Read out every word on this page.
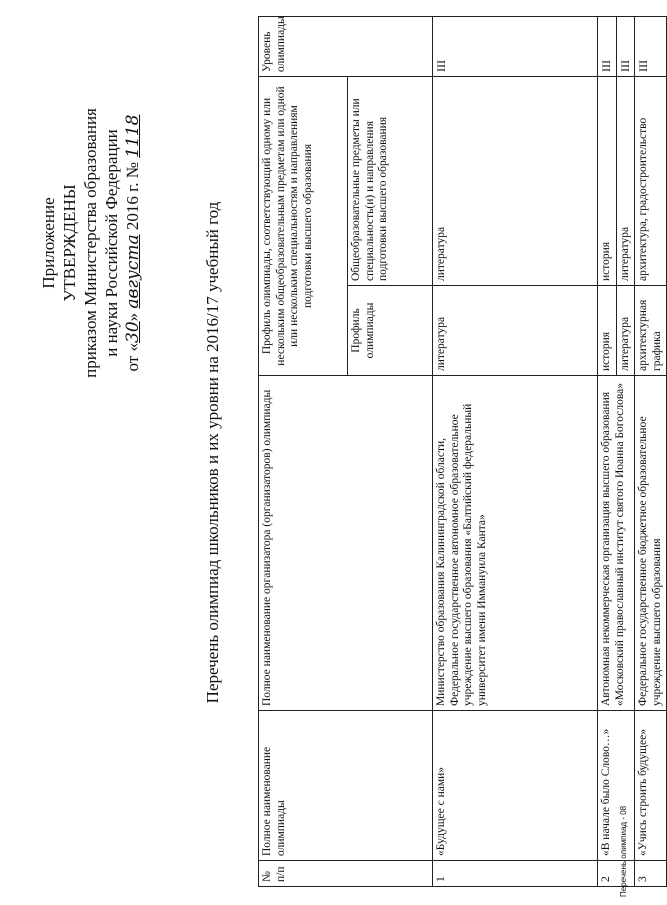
Приложение УТВЕРЖДЕНЫ приказом Министерства образования и науки Российской Федерации
от «30» августа 2016 г. № 1118
Перечень олимпиад школьников и их уровни на 2016/17 учебный год
№ п/п	Полное наименование олимпиады	Полное наименование организатора (организаторов) олимпиады	Профиль олимпиады, соответствующий одному или нескольким общеобразовательным предметам или одной или нескольким специальностям и направлениям подготовки высшего образования		Уровень олимпиады
			Профиль олимпиады	Общеобразовательные предметы или специальность(и) и направления подготовки высшего образования	
1	«Будущее с нами»	Министерство образования Калининградской области, Федеральное государственное автономное образовательное учреждение высшего образования «Балтийский федеральный университет имени Иммануила Канта»	литература	литература	III
2	«В начале было Слово…»	Автономная некоммерческая организация высшего образования «Московский православный институт святого Иоанна Богослова»	история	история	III
			литература	литература	III
3	«Учись строить будущее»	Федеральное государственное бюджетное образовательное учреждение высшего образования	архитектурная графика	архитектура, градостроительство	III
Перечень олимпиад - 08
